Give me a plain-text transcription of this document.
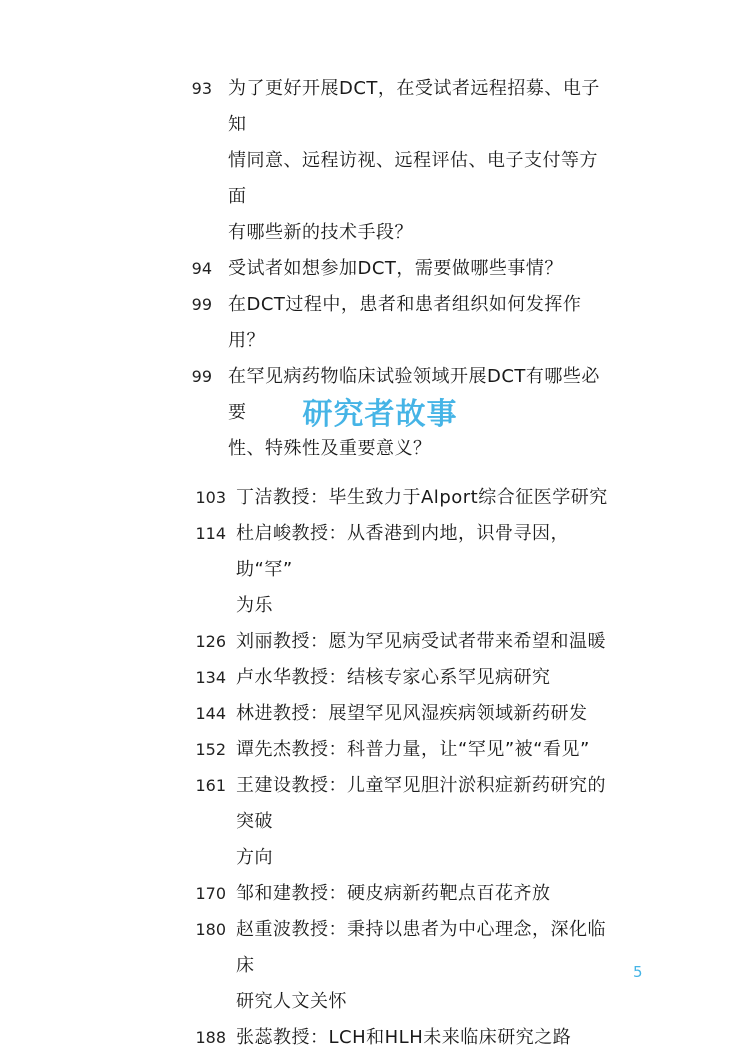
93 为了更好开展DCT，在受试者远程招募、电子知
情同意、远程访视、远程评估、电子支付等方面
有哪些新的技术手段？
94 受试者如想参加DCT，需要做哪些事情？
99 在DCT过程中，患者和患者组织如何发挥作用？
99 在罕见病药物临床试验领域开展DCT有哪些必要
性、特殊性及重要意义？
研究者故事
103 丁洁教授：毕生致力于Alport综合征医学研究
114 杜启峻教授：从香港到内地，识骨寻因，助“罕”
为乐
126 刘丽教授：愿为罕见病受试者带来希望和温暖
134 卢水华教授：结核专家心系罕见病研究
144 林进教授：展望罕见风湿疾病领域新药研发
152 谭先杰教授：科普力量，让“罕见”被“看见”
161 王建设教授：儿童罕见胆汁淤积症新药研究的突破
方向
170 邹和建教授：硬皮病新药靶点百花齐放
180 赵重波教授：秉持以患者为中心理念，深化临床
研究人文关怀
188 张蕊教授：LCH和HLH未来临床研究之路
5
